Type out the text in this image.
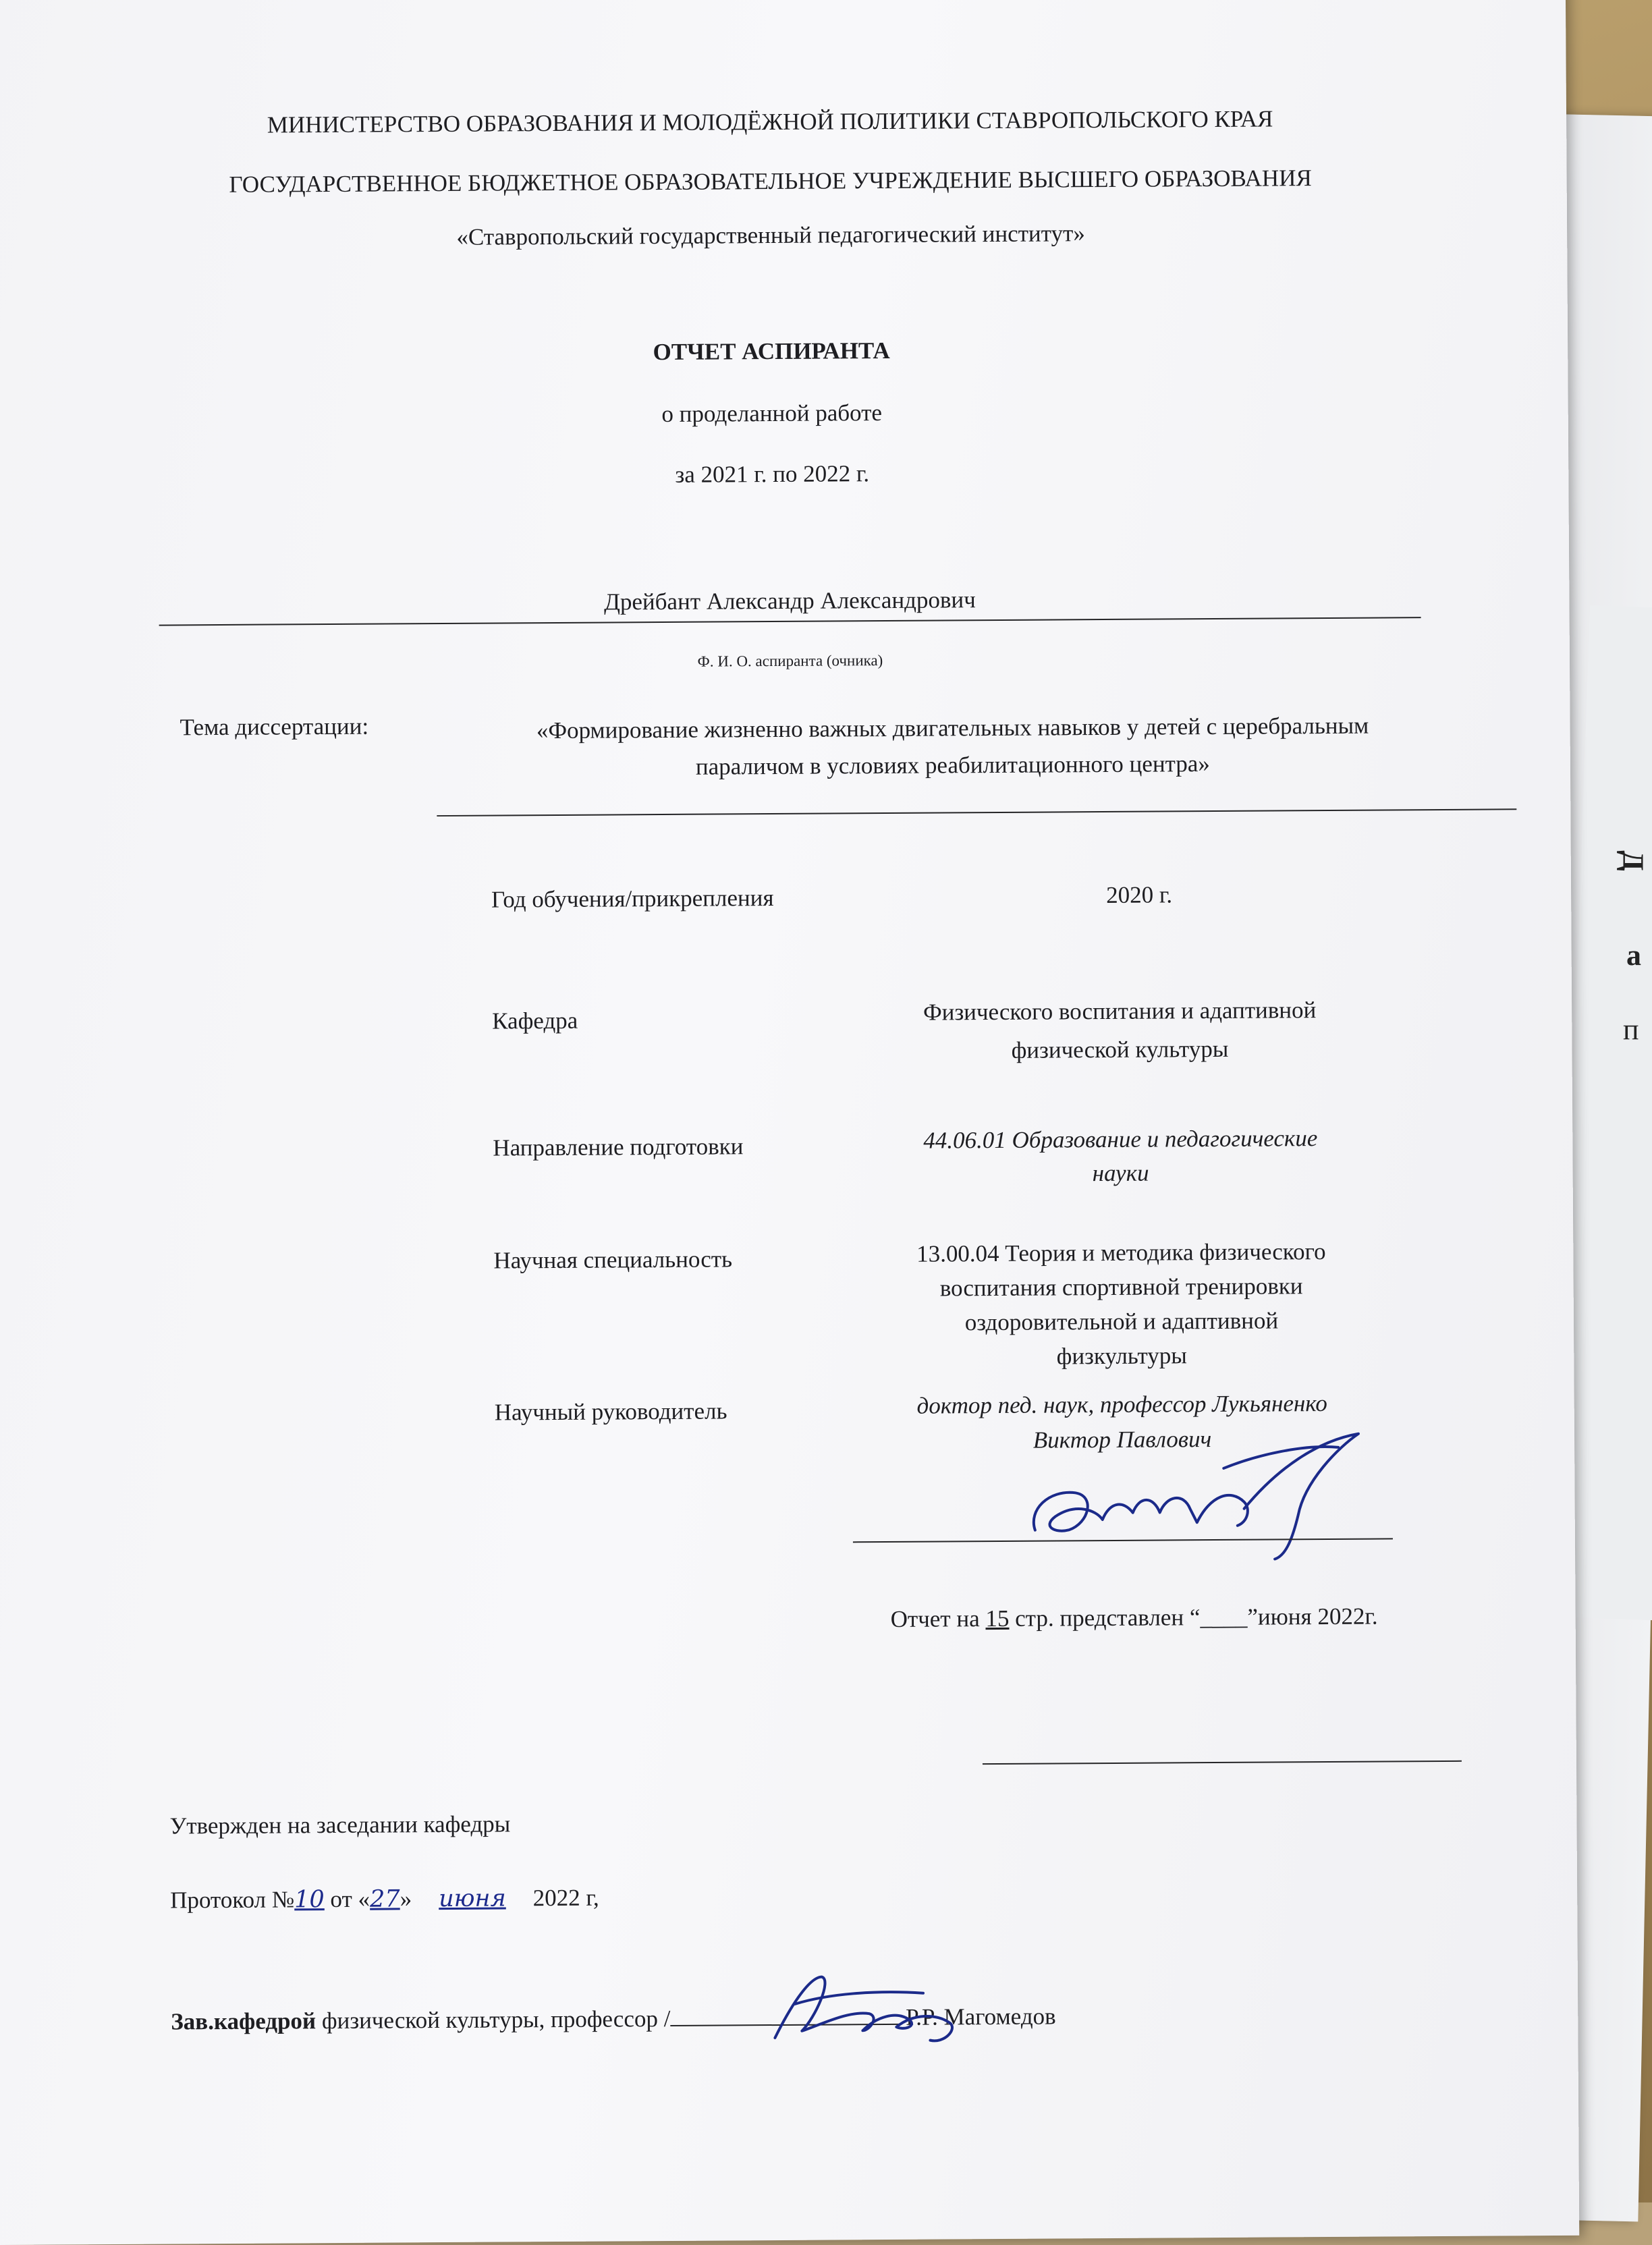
МИНИСТЕРСТВО ОБРАЗОВАНИЯ И МОЛОДЁЖНОЙ ПОЛИТИКИ СТАВРОПОЛЬСКОГО КРАЯ
ГОСУДАРСТВЕННОЕ БЮДЖЕТНОЕ ОБРАЗОВАТЕЛЬНОЕ УЧРЕЖДЕНИЕ ВЫСШЕГО ОБРАЗОВАНИЯ
«Ставропольский государственный педагогический институт»
ОТЧЕТ АСПИРАНТА
о проделанной работе
за 2021 г. по 2022 г.
Дрейбант Александр Александрович
Ф. И. О. аспиранта (очника)
Тема диссертации:	«Формирование жизненно важных двигательных навыков у детей с церебральным
параличом в условиях реабилитационного центра»
Год обучения/прикрепления	2020 г.
Кафедра	Физического воспитания и адаптивной
физической культуры
Направление подготовки	44.06.01 Образование и педагогические
науки
Научная специальность	13.00.04 Теория и методика физического
воспитания спортивной тренировки
оздоровительной и адаптивной
физкультуры
Научный руководитель	доктор пед. наук, профессор Лукьяненко
Виктор Павлович
Отчет на 15 стр. представлен “____”июня 2022г.
Утвержден на заседании кафедры
Протокол №10 от «27» июня 2022 г,
Зав.кафедрой физической культуры, профессор /	Р.Р. Магомедов
Д
а
п
